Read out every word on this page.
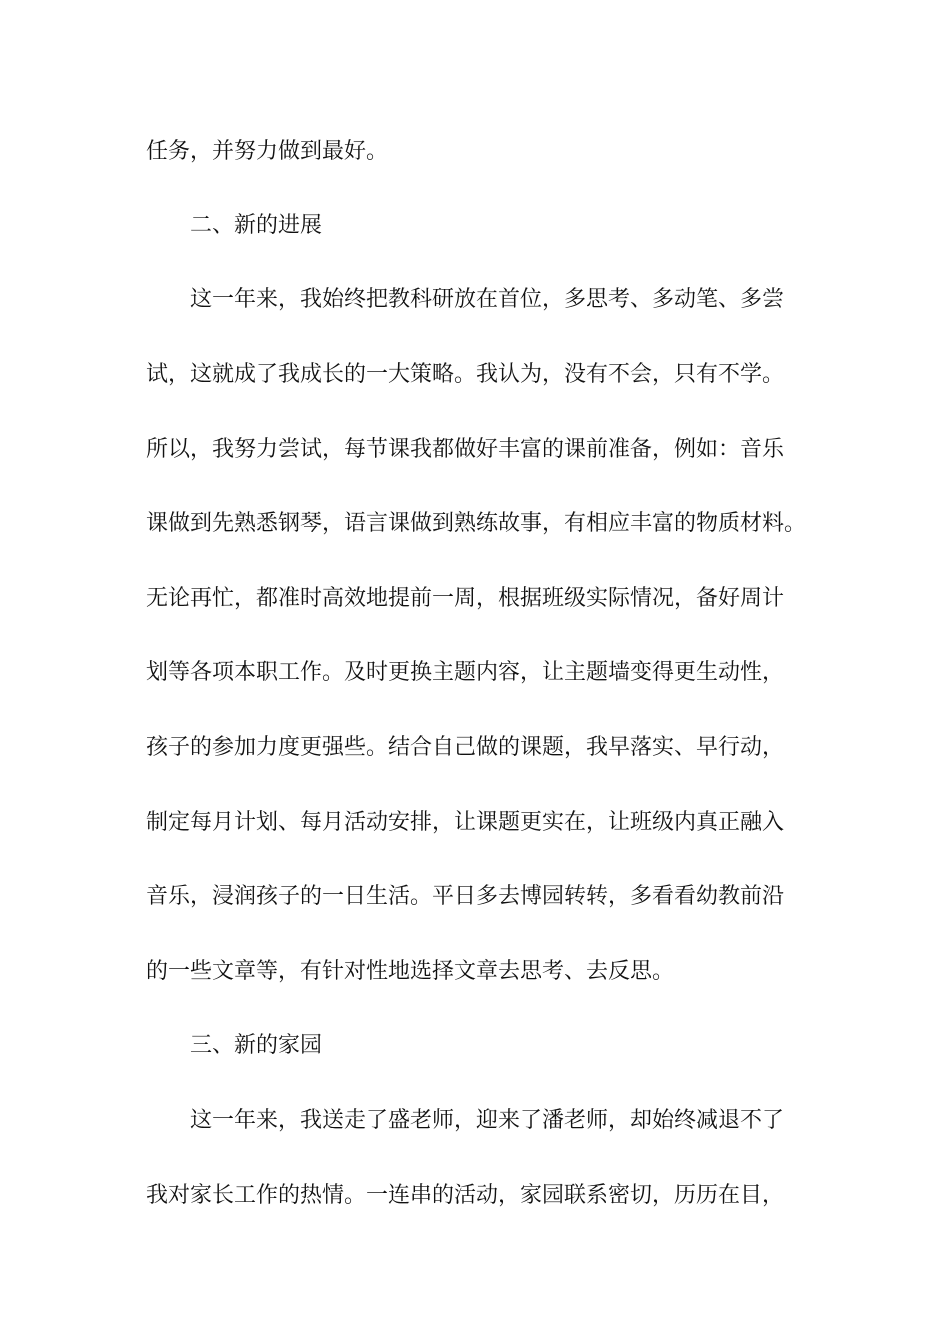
任务，并努力做到最好。
二、新的进展
这一年来，我始终把教科研放在首位，多思考、多动笔、多尝
试，这就成了我成长的一大策略。我认为，没有不会，只有不学。
所以，我努力尝试，每节课我都做好丰富的课前准备，例如：音乐
课做到先熟悉钢琴，语言课做到熟练故事，有相应丰富的物质材料。
无论再忙，都准时高效地提前一周，根据班级实际情况，备好周计
划等各项本职工作。及时更换主题内容，让主题墙变得更生动性，
孩子的参加力度更强些。结合自己做的课题，我早落实、早行动，
制定每月计划、每月活动安排，让课题更实在，让班级内真正融入
音乐，浸润孩子的一日生活。平日多去博园转转，多看看幼教前沿
的一些文章等，有针对性地选择文章去思考、去反思。
三、新的家园
这一年来，我送走了盛老师，迎来了潘老师，却始终减退不了
我对家长工作的热情。一连串的活动，家园联系密切，历历在目，
